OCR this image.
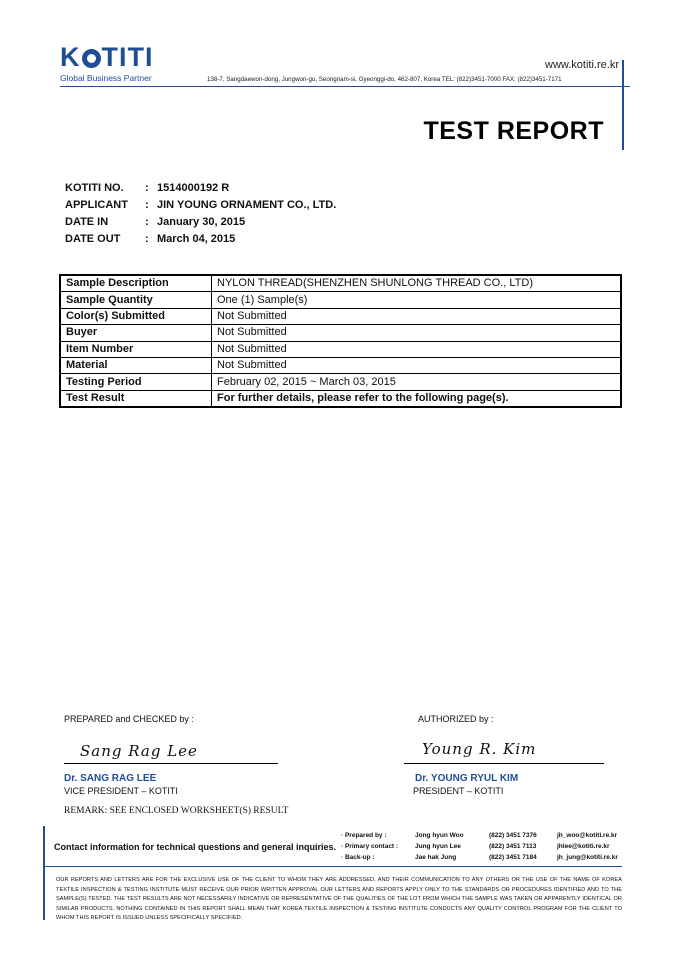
K TITI
Global Business Partner
www.kotiti.re.kr
138-7, Sangdaewon-dong, Jungwon-gu, Seongnam-si, Gyeonggi-do, 462-807, Korea TEL: (822)3451-7000 FAX: (822)3451-7171
TEST REPORT
KOTITI NO. : 1514000192 R
APPLICANT : JIN YOUNG ORNAMENT CO., LTD.
DATE IN	: January 30, 2015
DATE OUT : March 04, 2015
Sample Description	NYLON THREAD(SHENZHEN SHUNLONG THREAD CO., LTD)
Sample Quantity	One (1) Sample(s)
Color(s) Submitted	Not Submitted
Buyer	Not Submitted
Item Number	Not Submitted
Material	Not Submitted
Testing Period	February 02, 2015 ~ March 03, 2015
Test Result	For further details, please refer to the following page(s).
PREPARED and CHECKED by :
Sang Rag Lee
Dr. SANG RAG LEE
VICE PRESIDENT – KOTITI
AUTHORIZED by :
Young R. Kim
Dr. YOUNG RYUL KIM
PRESIDENT – KOTITI
REMARK: SEE ENCLOSED WORKSHEET(S) RESULT
Contact information for technical questions and general inquiries.
· Prepared by :	Jong hyun Woo	(822) 3451 7376	jh_woo@kotiti.re.kr
· Primary contact :	Jung hyun Lee	(822) 3451 7113	jhlee@kotiti.re.kr
· Back-up :	Jae hak Jung	(822) 3451 7184	jh_jung@kotiti.re.kr
OUR REPORTS AND LETTERS ARE FOR THE EXCLUSIVE USE OF THE CLIENT TO WHOM THEY ARE ADDRESSED, AND THEIR COMMUNICATION TO ANY OTHERS OR THE USE OF THE NAME OF KOREA TEXTILE INSPECTION & TESTING INSTITUTE MUST RECEIVE OUR PRIOR WRITTEN APPROVAL OUR LETTERS AND REPORTS APPLY ONLY TO THE STANDARDS OR PROCEDURES IDENTIFIED AND TO THE SAMPLE(S) TESTED. THE TEST RESULTS ARE NOT NECESSARILY INDICATIVE OR REPRESENTATIVE OF THE QUALITIES OF THE LOT FROM WHICH THE SAMPLE WAS TAKEN OR APPARENTLY IDENTICAL OR SIMILAR PRODUCTS. NOTHING CONTAINED IN THIS REPORT SHALL MEAN THAT KOREA TEXTILE INSPECTION & TESTING INSTITUTE CONDUCTS ANY QUALITY CONTROL PROGRAM FOR THE CLIENT TO WHOM THIS REPORT IS ISSUED UNLESS SPECIFICALLY SPECIFIED.
